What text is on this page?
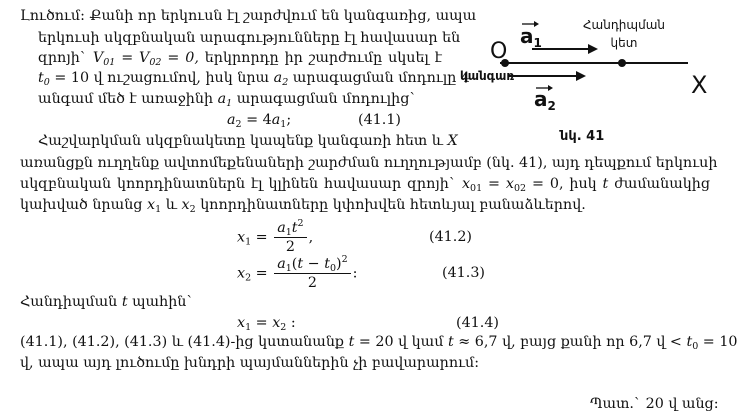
Լուծում: Քանի որ երկուսն էլ շարժվում են կանգառից, ապա
երկուսի սկզբնական արագությունները էլ հավասար են
զրոյի` $V_{01} = V_{02} = 0$, երկրորդը իր շարժումը սկսել է
$t_0 = 10$ վ ուշացումով, իսկ նրա $a_2$ արագացման մոդուլը 4
անգամ մեծ է առաջինի $a_1$ արագացման մոդուլից`
$a_2 = 4a_1$;	(41.1)
O
$a_1$
Հանդիպման
կետ
կանգառ
$a_2$
X
նկ. 41
Հաշվարկման սկզբնակետը կապենք կանգառի հետ և X
առանցքն ուղղենք ավտոմեքենաների շարժման ուղղությամբ (նկ. 41), այդ դեպքում երկուսի
սկզբնական կոորդինատներն էլ կլինեն հավասար զրոյի` $x_{01} = x_{02} = 0$, իսկ t ժամանակից
կախված նրանց $x_1$ և $x_2$ կոորդինատները կփոխվեն հետևյալ բանաձևերով.
$x_1 = \frac{a_1t^2}{2}$ ,	(41.2)
$x_2 = \frac{a_1(t - t_0)^2}{2}$ :	(41.3)
Հանդիպման t պահին`
$x_1 = x_2$ :	(41.4)
(41.1), (41.2), (41.3) և (41.4)-ից կստանանք t = 20 վ կամ t ≈ 6,7 վ, բայց քանի որ 6,7 վ < $t_0 = 10$
վ, ապա այդ լուծումը խնդրի պայմաններին չի բավարարում:
Պատ.` 20 վ անց:
